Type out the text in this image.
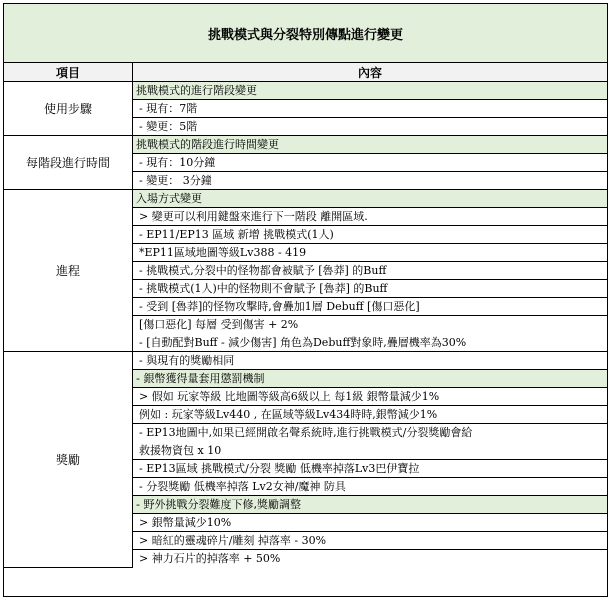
挑戰模式與分裂特別傳點進行變更
項目	內容
使用步驟
挑戰模式的進行階段變更
- 現有：7階
- 變更：5階
每階段進行時間
挑戰模式的階段進行時間變更
- 現有：10分鐘
- 變更： 3分鐘
進程
入場方式變更
> 變更可以利用鍵盤來進行下一階段 離開區域.
- EP11/EP13 區域 新增 挑戰模式(1人)
*EP11區域地圖等級Lv388 - 419
- 挑戰模式,分裂中的怪物都會被賦予 [魯莽] 的Buff
- 挑戰模式(1人)中的怪物則不會賦予 [魯莽] 的Buff
- 受到 [魯莽]的怪物攻擊時,會疊加1層 Debuff [傷口惡化]
[傷口惡化] 每層 受到傷害 + 2%
- [自動配對Buff - 減少傷害] 角色為Debuff對象時,疊層機率為30%
獎勵
- 與現有的獎勵相同
- 銀幣獲得量套用懲罰機制
> 假如 玩家等級 比地圖等級高6級以上 每1級 銀幣量減少1%
例如 : 玩家等級Lv440 , 在區域等級Lv434時時,銀幣減少1%
- EP13地圖中,如果已經開啟名聲系統時,進行挑戰模式/分裂獎勵會給
救援物資包 x 10
- EP13區域 挑戰模式/分裂 獎勵 低機率掉落Lv3巴伊寶拉
- 分裂獎勵 低機率掉落 Lv2女神/魔神 防具
- 野外挑戰分裂難度下修,獎勵調整
> 銀幣量減少10%
> 暗紅的靈魂碎片/雕刻 掉落率 - 30%
> 神力石片的掉落率 + 50%
